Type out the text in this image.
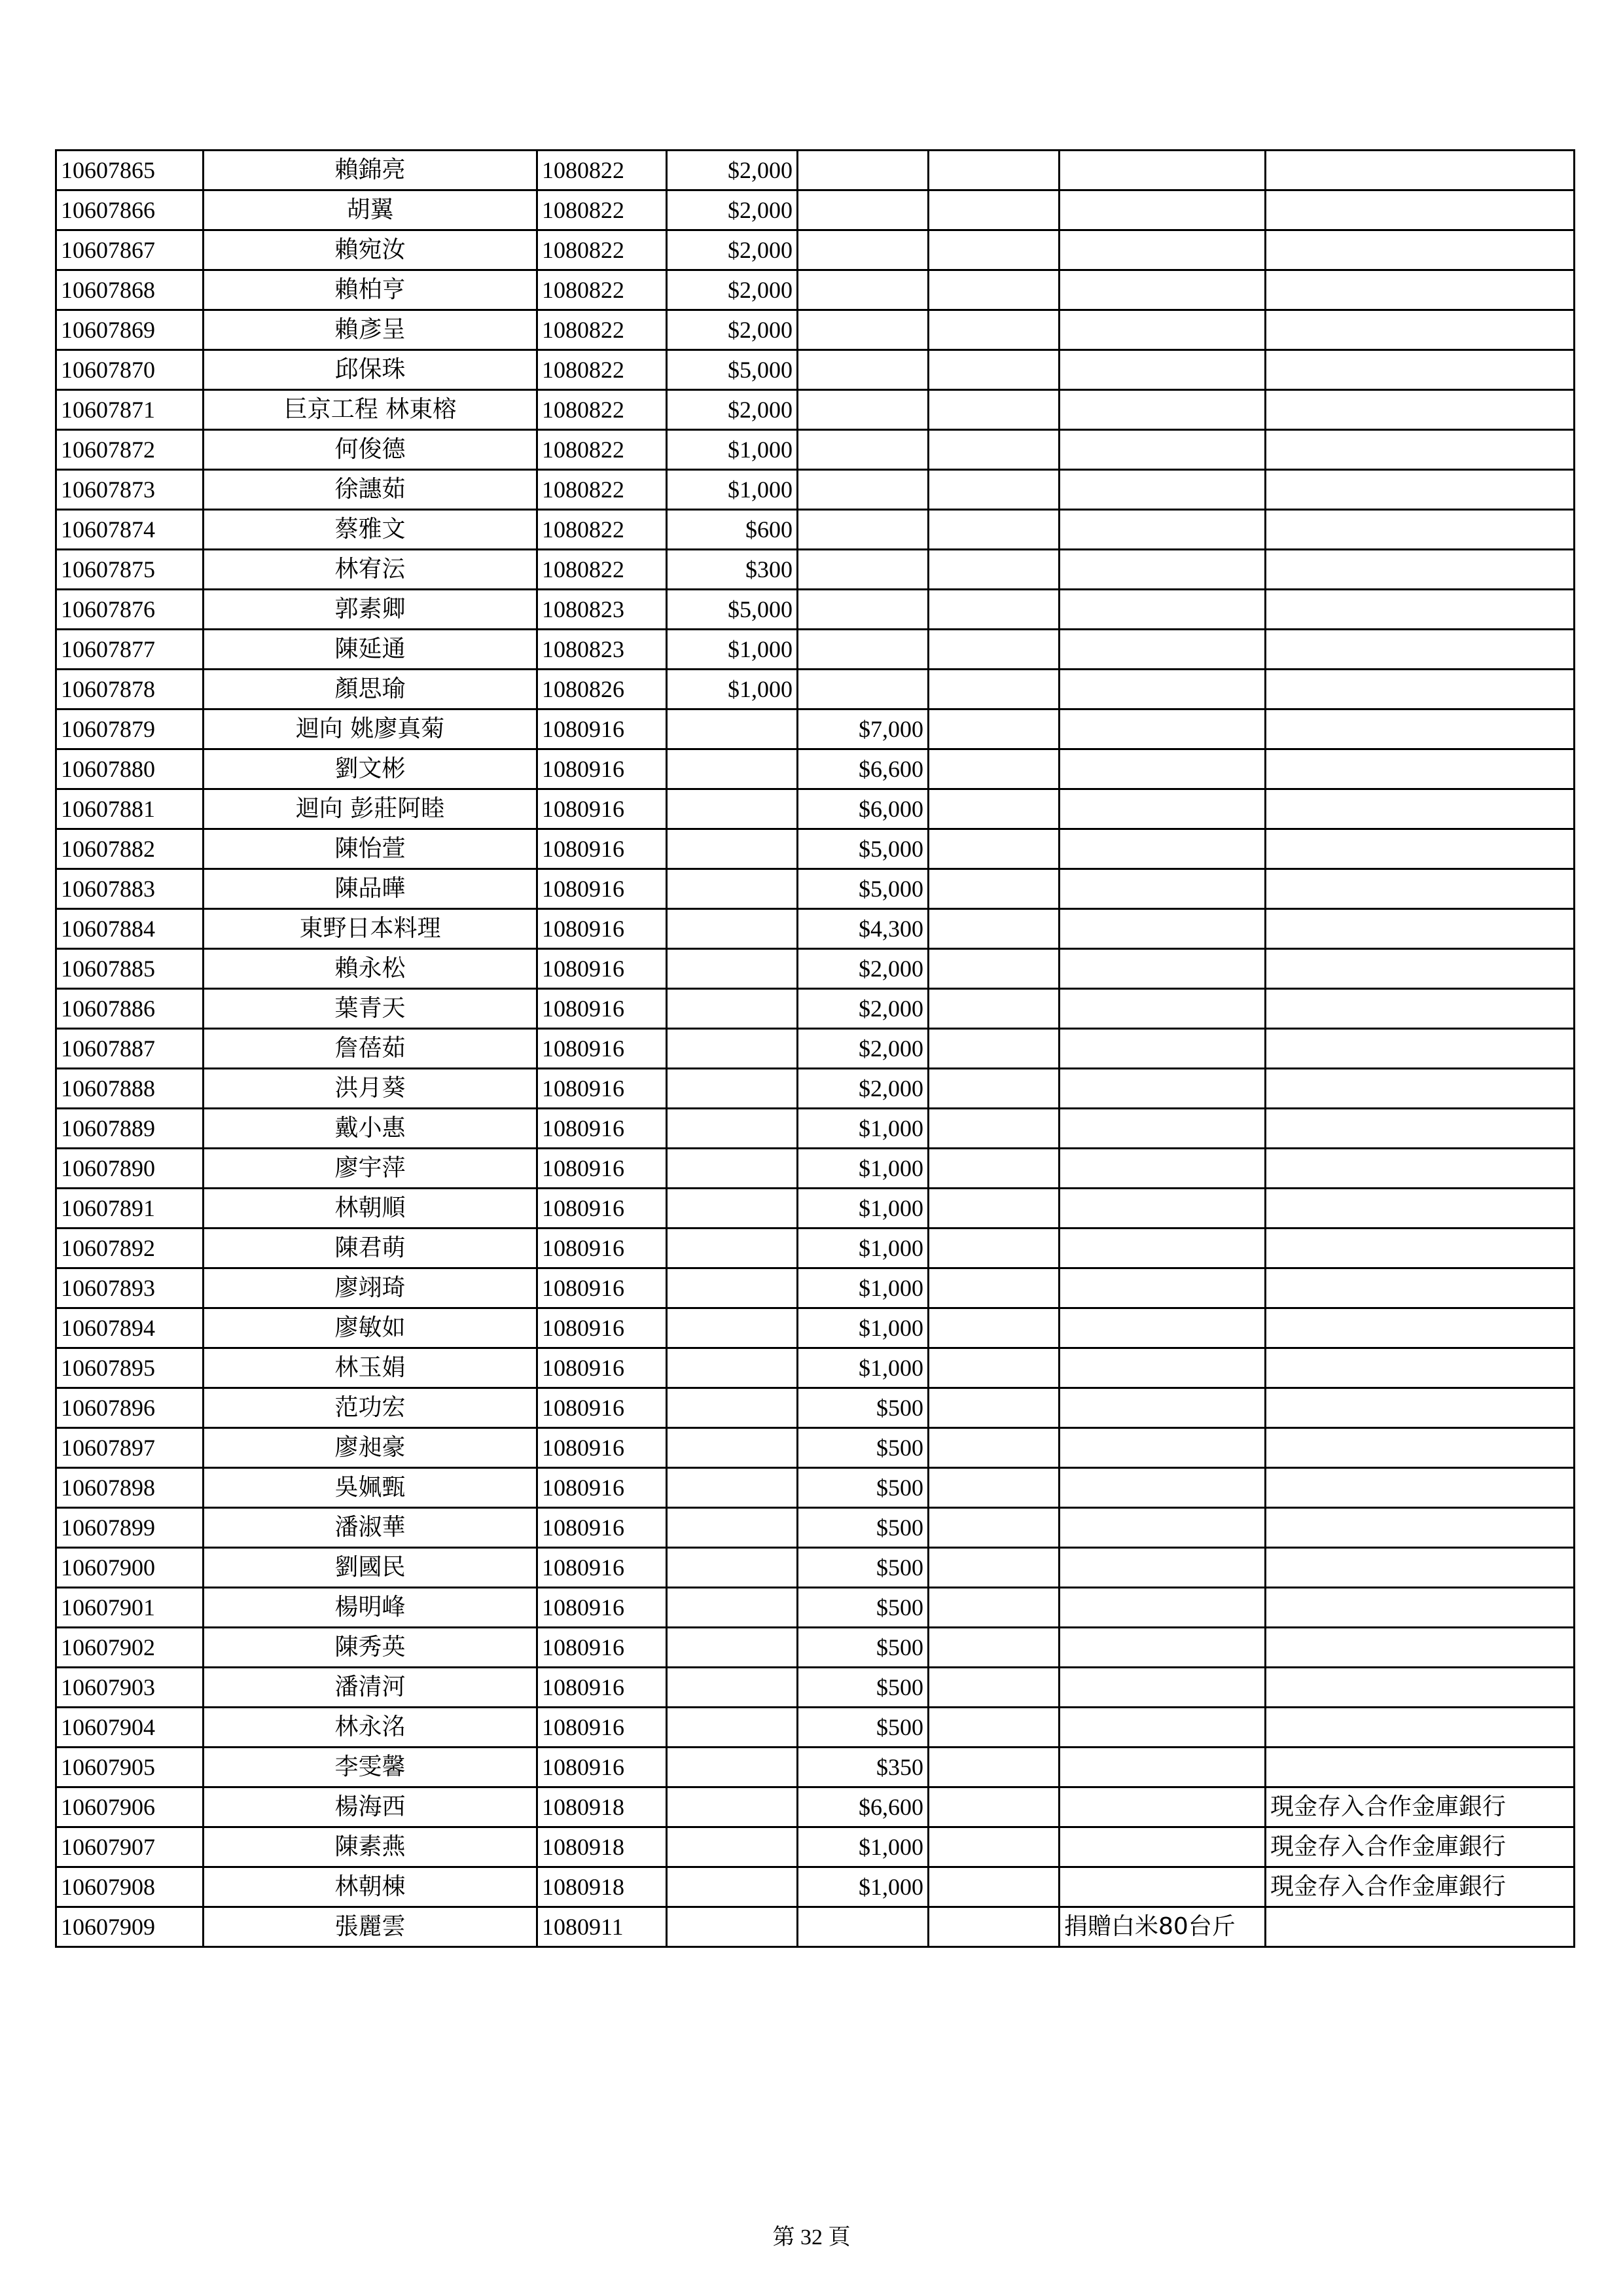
10607865	賴錦亮	1080822	$2,000				
10607866	胡翼	1080822	$2,000				
10607867	賴宛汝	1080822	$2,000				
10607868	賴柏亨	1080822	$2,000				
10607869	賴彥呈	1080822	$2,000				
10607870	邱保珠	1080822	$5,000				
10607871	巨京工程 林東榕	1080822	$2,000				
10607872	何俊德	1080822	$1,000				
10607873	徐譓茹	1080822	$1,000				
10607874	蔡雅文	1080822	$600				
10607875	林宥沄	1080822	$300				
10607876	郭素卿	1080823	$5,000				
10607877	陳延通	1080823	$1,000				
10607878	顏思瑜	1080826	$1,000				
10607879	迴向 姚廖真菊	1080916		$7,000			
10607880	劉文彬	1080916		$6,600			
10607881	迴向 彭莊阿睦	1080916		$6,000			
10607882	陳怡萱	1080916		$5,000			
10607883	陳品曄	1080916		$5,000			
10607884	東野日本料理	1080916		$4,300			
10607885	賴永松	1080916		$2,000			
10607886	葉青天	1080916		$2,000			
10607887	詹蓓茹	1080916		$2,000			
10607888	洪月葵	1080916		$2,000			
10607889	戴小惠	1080916		$1,000			
10607890	廖宇萍	1080916		$1,000			
10607891	林朝順	1080916		$1,000			
10607892	陳君萌	1080916		$1,000			
10607893	廖翊琦	1080916		$1,000			
10607894	廖敏如	1080916		$1,000			
10607895	林玉娟	1080916		$1,000			
10607896	范功宏	1080916		$500			
10607897	廖昶豪	1080916		$500			
10607898	吳姵甄	1080916		$500			
10607899	潘淑華	1080916		$500			
10607900	劉國民	1080916		$500			
10607901	楊明峰	1080916		$500			
10607902	陳秀英	1080916		$500			
10607903	潘清河	1080916		$500			
10607904	林永洺	1080916		$500			
10607905	李雯馨	1080916		$350			
10607906	楊海西	1080918		$6,600			現金存入合作金庫銀行
10607907	陳素燕	1080918		$1,000			現金存入合作金庫銀行
10607908	林朝棟	1080918		$1,000			現金存入合作金庫銀行
10607909	張麗雲	1080911				捐贈白米80台斤	
第 32 頁
